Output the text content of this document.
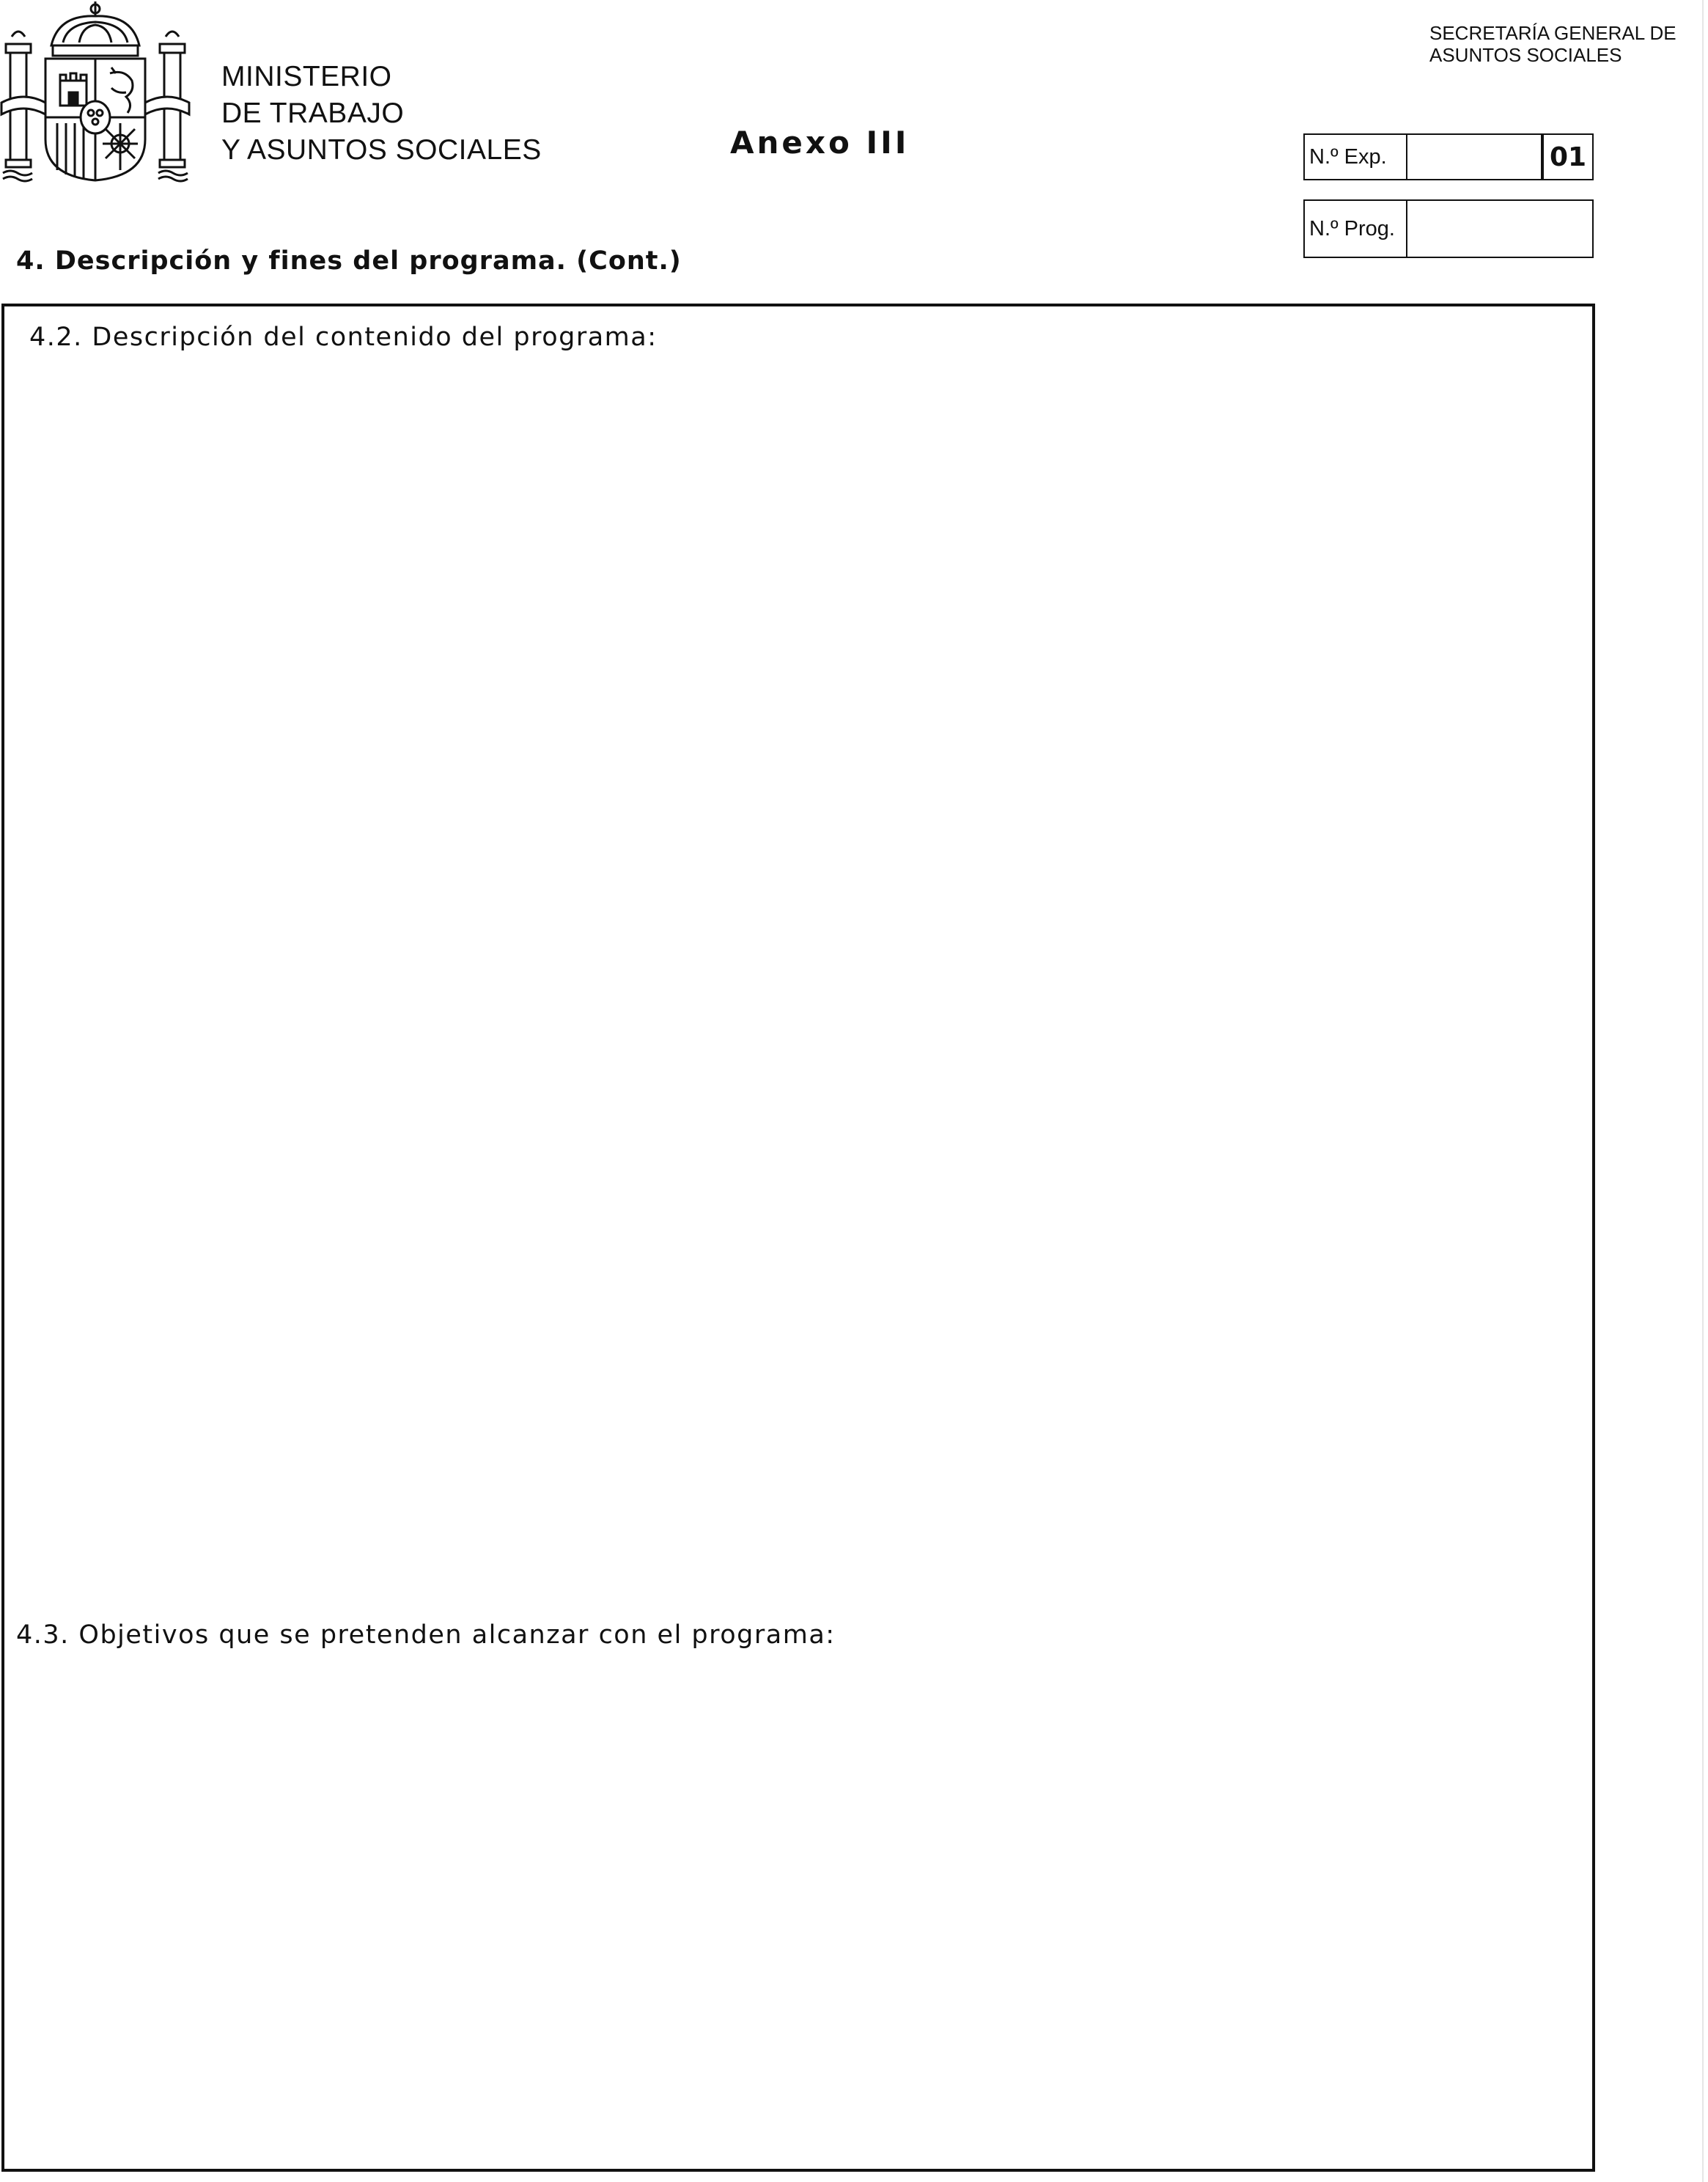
MINISTERIO
DE TRABAJO
Y ASUNTOS SOCIALES	Anexo III
SECRETARÍA GENERAL DE
ASUNTOS SOCIALES
N.º Exp.	01
N.º Prog.
4. Descripción y fines del programa. (Cont.)
4.2. Descripción del contenido del programa:
4.3. Objetivos que se pretenden alcanzar con el programa:
